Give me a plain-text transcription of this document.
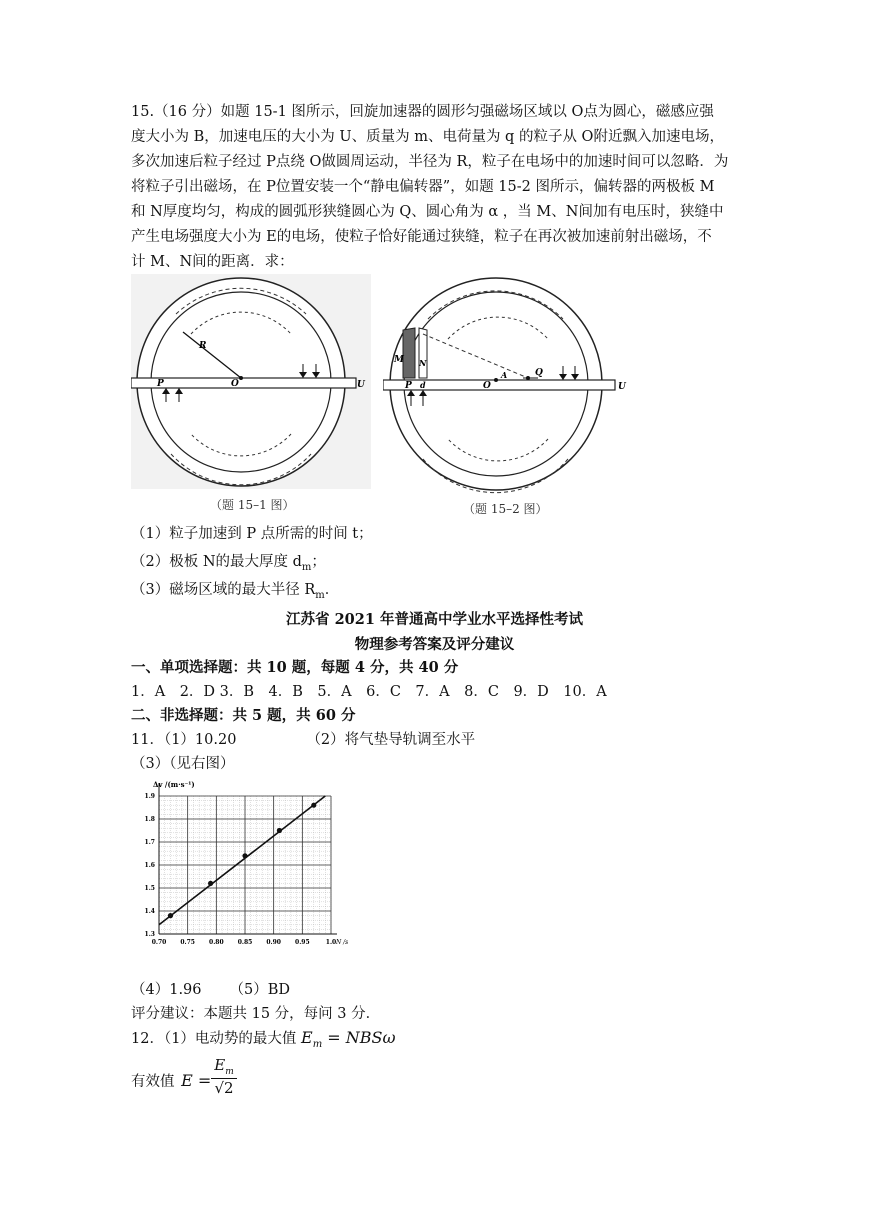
15.（16 分）如题 15-1 图所示，回旋加速器的圆形匀强磁场区域以 O点为圆心，磁感应强
度大小为 B，加速电压的大小为 U、质量为 m、电荷量为 q 的粒子从 O附近飘入加速电场，
多次加速后粒子经过 P点绕 O做圆周运动，半径为 R，粒子在电场中的加速时间可以忽略．为
将粒子引出磁场，在 P位置安装一个“静电偏转器”，如题 15-2 图所示，偏转器的两极板 M
和 N厚度均匀，构成的圆弧形狭缝圆心为 Q、圆心角为 α ，当 M、N间加有电压时，狭缝中
产生电场强度大小为 E的电场，使粒子恰好能通过狭缝，粒子在再次被加速前射出磁场，不
计 M、N间的距离．求：
R
O
P	U
（题 15–1 图）
M N
P d
A
O
Q
U
（题 15–2 图）
（1）粒子加速到 P 点所需的时间 t；
（2）极板 N的最大厚度 $d_m$；
（3）磁场区域的最大半径 $R_m$．
江苏省 2021 年普通高中学业水平选择性考试
物理参考答案及评分建议
一、单项选择题：共 10 题，每题 4 分，共 40 分
1．A　2．D 3．B　4．B　5．A　6．C　7．A　8．C　9．D　10．A
二、非选择题：共 5 题，共 60 分
11．（1）10.20	（2）将气垫导轨调至水平
（3）（见右图）
0.70 0.75 0.80 0.85 0.90 0.95	1.0
1.3
1.4
1.5
1.6
1.7
1.8
1.9
Δv /(m·s⁻¹)
N /s
（4）1.96 （5）BD
评分建议：本题共 15 分，每问 3 分．
12．（1）电动势的最大值 $E_m = NBS\omega$
有效值 $E = \frac{E_m}{√2}$
